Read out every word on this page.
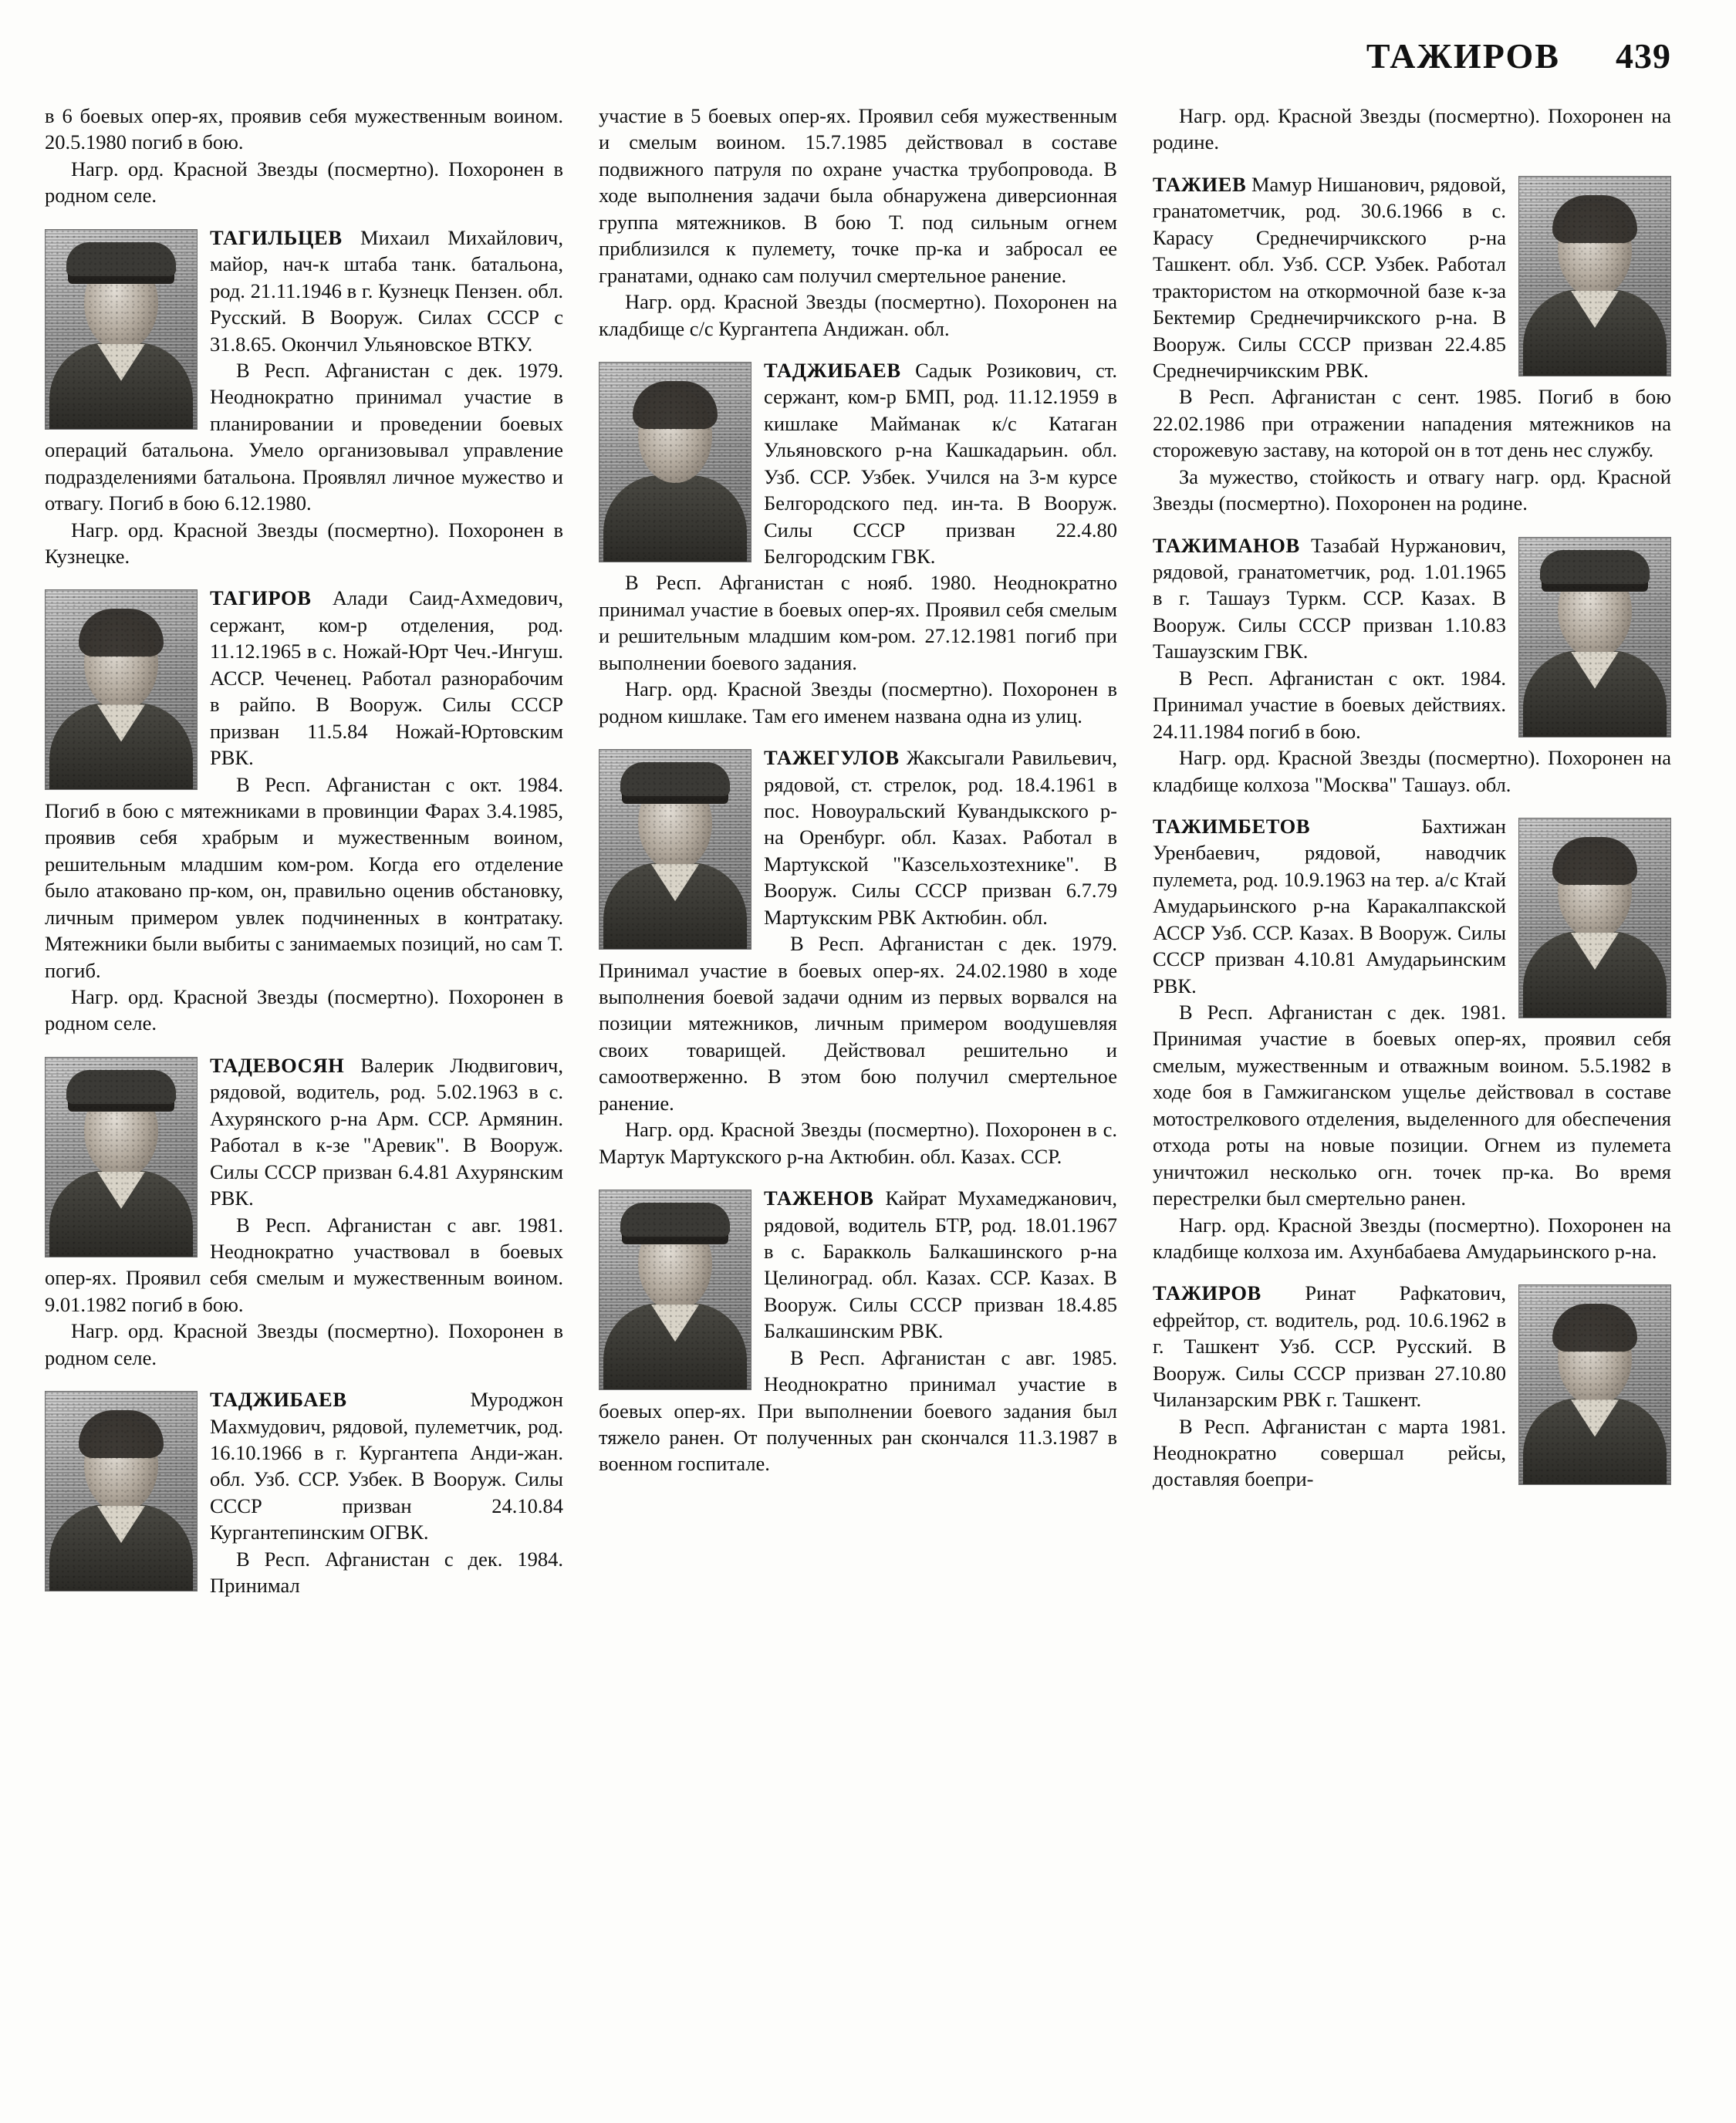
ТАЖИРОВ 439

в 6 боевых опер-ях, проявив себя мужественным воином. 20.5.1980 погиб в бою.

Нагр. орд. Красной Звезды (посмертно). Похоронен в родном селе.

ТАГИЛЬЦЕВ Михаил Михайлович, майор, нач-к штаба танк. батальона, род. 21.11.1946 в г. Кузнецк Пензен. обл. Русский. В Вооруж. Силах СССР с 31.8.65. Окончил Ульяновское ВТКУ.

В Респ. Афганистан с дек. 1979. Неоднократно принимал участие в планировании и проведении боевых операций батальона. Умело организовывал управление подразделениями батальона. Проявлял личное мужество и отвагу. Погиб в бою 6.12.1980.

Нагр. орд. Красной Звезды (посмертно). Похоронен в Кузнецке.

ТАГИРОВ Алади Саид-Ахмедович, сержант, ком-р отделения, род. 11.12.1965 в с. Ножай-Юрт Чеч.-Ингуш. АССР. Чеченец. Работал разнорабочим в райпо. В Вооруж. Силы СССР призван 11.5.84 Ножай-Юртовским РВК.

В Респ. Афганистан с окт. 1984. Погиб в бою с мятежниками в провинции Фарах 3.4.1985, проявив себя храбрым и мужественным воином, решительным младшим ком-ром. Когда его отделение было атаковано пр-ком, он, правильно оценив обстановку, личным примером увлек подчиненных в контратаку. Мятежники были выбиты с занимаемых позиций, но сам Т. погиб.

Нагр. орд. Красной Звезды (посмертно). Похоронен в родном селе.

ТАДЕВОСЯН Валерик Людвигович, рядовой, водитель, род. 5.02.1963 в с. Ахурянского р-на Арм. ССР. Армянин. Работал в к-зе "Аревик". В Вооруж. Силы СССР призван 6.4.81 Ахурянским РВК.

В Респ. Афганистан с авг. 1981. Неоднократно участвовал в боевых опер-ях. Проявил себя смелым и мужественным воином. 9.01.1982 погиб в бою.

Нагр. орд. Красной Звезды (посмертно). Похоронен в родном селе.

ТАДЖИБАЕВ	Муроджон Махмудович, рядовой, пулеметчик, род. 16.10.1966 в г. Кургантепа Анди-жан. обл. Узб. ССР. Узбек. В Вооруж. Силы СССР призван 24.10.84 Кургантепинским ОГВК.

В Респ. Афганистан с дек. 1984. Принимал

участие в 5 боевых опер-ях. Проявил себя мужественным и смелым воином. 15.7.1985 действовал в составе подвижного патруля по охране участка трубопровода. В ходе выполнения задачи была обнаружена диверсионная группа мятежников. В бою Т. под сильным огнем приблизился к пулемету, точке пр-ка и забросал ее гранатами, однако сам получил смертельное ранение.

Нагр. орд. Красной Звезды (посмертно). Похоронен на кладбище с/с Кургантепа Андижан. обл.

ТАДЖИБАЕВ Садык Розикович, ст. сержант, ком-р БМП, род. 11.12.1959 в кишлаке Майманак к/с Катаган Ульяновского р-на Кашкадарьин. обл. Узб. ССР. Узбек. Учился на 3-м курсе Белгородского пед. ин-та. В Вооруж. Силы СССР призван 22.4.80 Белгородским ГВК.

В Респ. Афганистан с нояб. 1980. Неоднократно принимал участие в боевых опер-ях. Проявил себя смелым и решительным младшим ком-ром. 27.12.1981 погиб при выполнении боевого задания.

Нагр. орд. Красной Звезды (посмертно). Похоронен в родном кишлаке. Там его именем названа одна из улиц.

ТАЖЕГУЛОВ Жаксыгали Равильевич, рядовой, ст. стрелок, род. 18.4.1961 в пос. Новоуральский Кувандыкского р-на Оренбург. обл. Казах. Работал в Мартукской "Казсельхозтехнике". В Вооруж. Силы СССР призван 6.7.79 Мартукским РВК Актюбин. обл.

В Респ. Афганистан с дек. 1979. Принимал участие в боевых опер-ях. 24.02.1980 в ходе выполнения боевой задачи одним из первых ворвался на позиции мятежников, личным примером воодушевляя своих товарищей. Действовал решительно и самоотверженно. В этом бою получил смертельное ранение.

Нагр. орд. Красной Звезды (посмертно). Похоронен в с. Мартук Мартукского р-на Актюбин. обл. Казах. ССР.

ТАЖЕНОВ Кайрат Мухамеджанович, рядовой, водитель БТР, род. 18.01.1967 в с. Баракколь Балкашинского р-на Целиноград. обл. Казах. ССР. Казах. В Вооруж. Силы СССР призван 18.4.85 Балкашинским РВК.

В Респ. Афганистан с авг. 1985. Неоднократно принимал участие в боевых опер-ях. При выполнении боевого задания был тяжело ранен. От полученных ран скончался 11.3.1987 в военном госпитале.

Нагр. орд. Красной Звезды (посмертно). Похоронен на родине.

ТАЖИЕВ Мамур Нишанович, рядовой, гранатометчик, род. 30.6.1966 в с. Карасу Среднечирчикского р-на Ташкент. обл. Узб. ССР. Узбек. Работал трактористом на откормочной базе к-за Бектемир Среднечирчикского р-на. В Вооруж. Силы СССР призван 22.4.85 Среднечирчикским РВК.

В Респ. Афганистан с сент. 1985. Погиб в бою 22.02.1986 при отражении нападения мятежников на сторожевую заставу, на которой он в тот день нес службу.

За мужество, стойкость и отвагу нагр. орд. Красной Звезды (посмертно). Похоронен на родине.

ТАЖИМАНОВ Тазабай Нуржанович, рядовой, гранатометчик, род. 1.01.1965 в г. Ташауз Туркм. ССР. Казах. В Вооруж. Силы СССР призван 1.10.83 Ташаузским ГВК.

В Респ. Афганистан с окт. 1984. Принимал участие в боевых действиях. 24.11.1984 погиб в бою.

Нагр. орд. Красной Звезды (посмертно). Похоронен на кладбище колхоза "Москва" Ташауз. обл.

ТАЖИМБЕТОВ	Бахтижан Уренбаевич, рядовой, наводчик пулемета, род. 10.9.1963 на тер. а/с Ктай Амударьинского р-на Каракалпакской АССР Узб. ССР. Казах. В Вооруж. Силы СССР призван 4.10.81 Амударьинским РВК.

В Респ. Афганистан с дек. 1981. Принимая участие в боевых опер-ях, проявил себя смелым, мужественным и отважным воином. 5.5.1982 в ходе боя в Гамжиганском ущелье действовал в составе мотострелкового отделения, выделенного для обеспечения отхода роты на новые позиции. Огнем из пулемета уничтожил несколько огн. точек пр-ка. Во время перестрелки был смертельно ранен.

Нагр. орд. Красной Звезды (посмертно). Похоронен на кладбище колхоза им. Ахунбабаева Амударьинского р-на.

ТАЖИРОВ Ринат Рафкатович, ефрейтор, ст. водитель, род. 10.6.1962 в г. Ташкент Узб. ССР. Русский. В Вооруж. Силы СССР призван 27.10.80 Чиланзарским РВК г. Ташкент.

В Респ. Афганистан с марта 1981. Неоднократно совершал рейсы, доставляя боепри-
